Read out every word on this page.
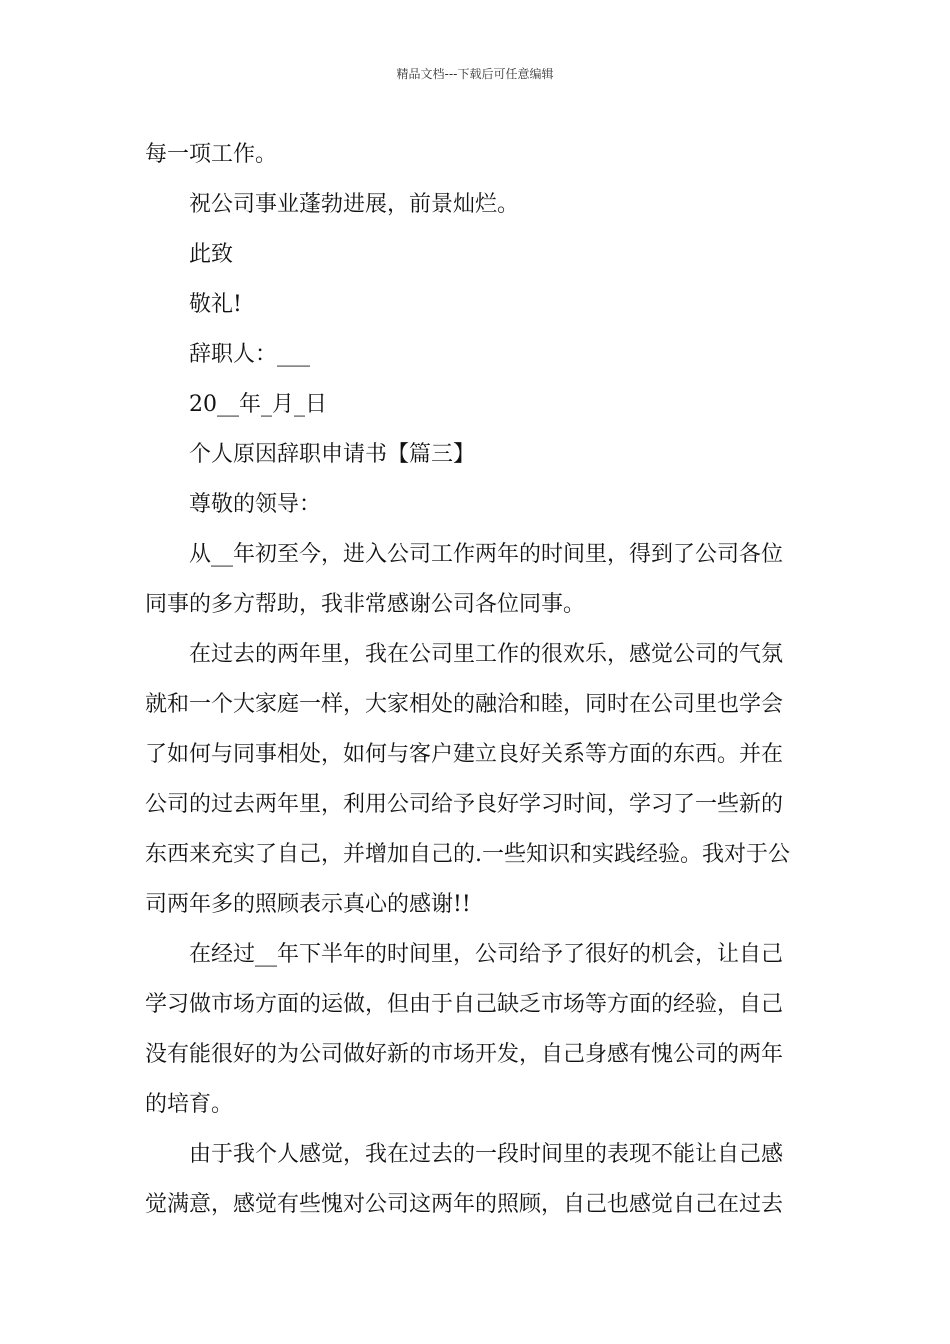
精品文档---下载后可任意编辑
每一项工作。
祝公司事业蓬勃进展，前景灿烂。
此致
敬礼!
辞职人：___
20__年_月_日
个人原因辞职申请书【篇三】
尊敬的领导：
从__年初至今，进入公司工作两年的时间里，得到了公司各位
同事的多方帮助，我非常感谢公司各位同事。
在过去的两年里，我在公司里工作的很欢乐，感觉公司的气氛
就和一个大家庭一样，大家相处的融洽和睦，同时在公司里也学会
了如何与同事相处，如何与客户建立良好关系等方面的东西。并在
公司的过去两年里，利用公司给予良好学习时间，学习了一些新的
东西来充实了自己，并增加自己的.一些知识和实践经验。我对于公
司两年多的照顾表示真心的感谢!!
在经过__年下半年的时间里，公司给予了很好的机会，让自己
学习做市场方面的运做，但由于自己缺乏市场等方面的经验，自己
没有能很好的为公司做好新的市场开发，自己身感有愧公司的两年
的培育。
由于我个人感觉，我在过去的一段时间里的表现不能让自己感
觉满意，感觉有些愧对公司这两年的照顾，自己也感觉自己在过去
